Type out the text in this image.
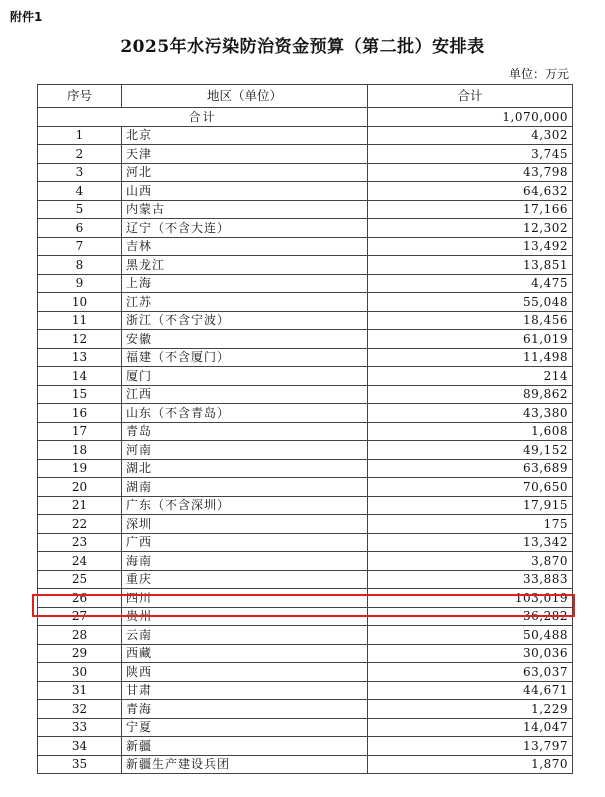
附件1
2025年水污染防治资金预算（第二批）安排表
单位：万元
序号	地区（单位）	合计
合计		1,070,000
1	北京	4,302
2	天津	3,745
3	河北	43,798
4	山西	64,632
5	内蒙古	17,166
6	辽宁（不含大连）	12,302
7	吉林	13,492
8	黑龙江	13,851
9	上海	4,475
10	江苏	55,048
11	浙江（不含宁波）	18,456
12	安徽	61,019
13	福建（不含厦门）	11,498
14	厦门	214
15	江西	89,862
16	山东（不含青岛）	43,380
17	青岛	1,608
18	河南	49,152
19	湖北	63,689
20	湖南	70,650
21	广东（不含深圳）	17,915
22	深圳	175
23	广西	13,342
24	海南	3,870
25	重庆	33,883
26	四川	103,019
27	贵州	36,282
28	云南	50,488
29	西藏	30,036
30	陕西	63,037
31	甘肃	44,671
32	青海	1,229
33	宁夏	14,047
34	新疆	13,797
35	新疆生产建设兵团	1,870
